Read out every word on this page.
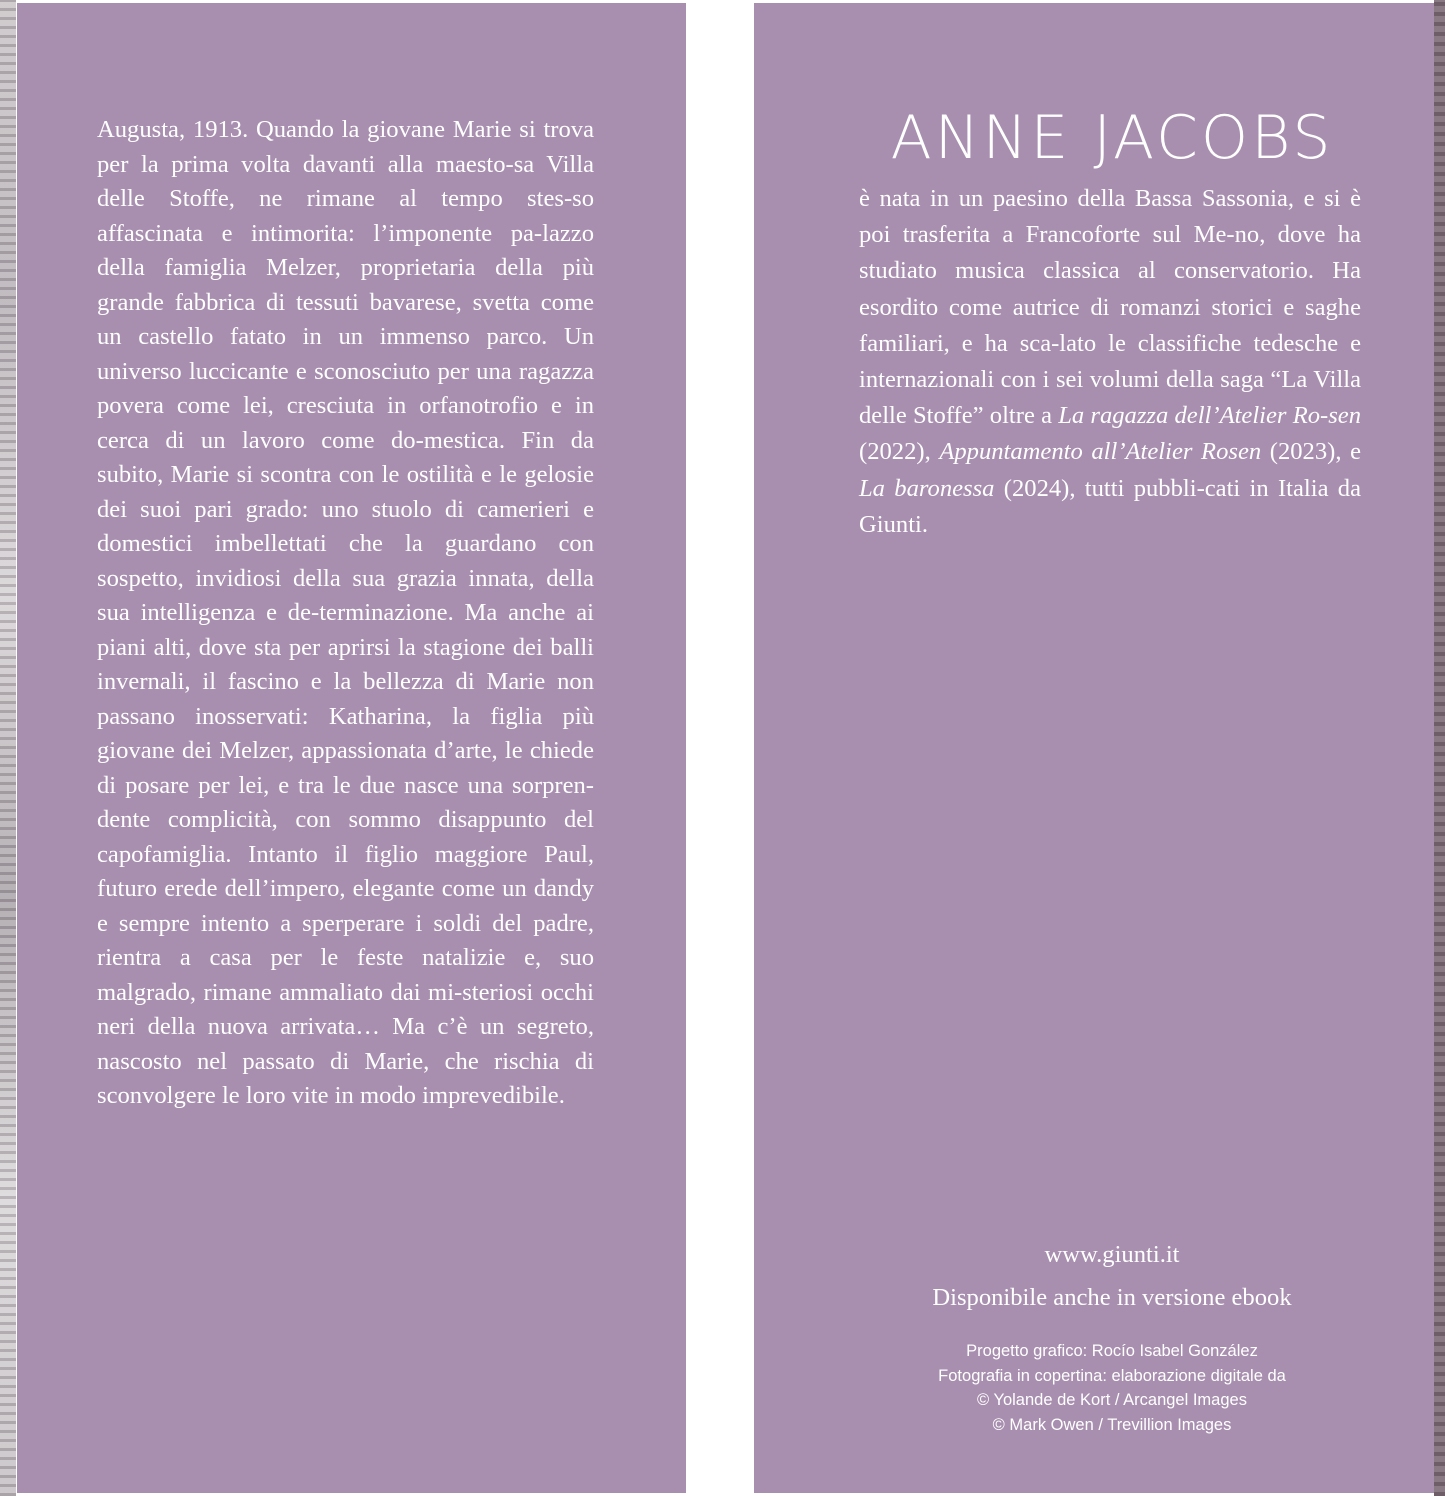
Augusta, 1913. Quando la giovane Marie si trova per la prima volta davanti alla maesto-sa Villa delle Stoffe, ne rimane al tempo stes-so affascinata e intimorita: l’imponente pa-lazzo della famiglia Melzer, proprietaria della più grande fabbrica di tessuti bavarese, svetta come un castello fatato in un immenso parco. Un universo luccicante e sconosciuto per una ragazza povera come lei, cresciuta in orfanotrofio e in cerca di un lavoro come do-mestica. Fin da subito, Marie si scontra con le ostilità e le gelosie dei suoi pari grado: uno stuolo di camerieri e domestici imbellettati che la guardano con sospetto, invidiosi della sua grazia innata, della sua intelligenza e de-terminazione. Ma anche ai piani alti, dove sta per aprirsi la stagione dei balli invernali, il fascino e la bellezza di Marie non passano inosservati: Katharina, la figlia più giovane dei Melzer, appassionata d’arte, le chiede di posare per lei, e tra le due nasce una sorpren-dente complicità, con sommo disappunto del capofamiglia. Intanto il figlio maggiore Paul, futuro erede dell’impero, elegante come un dandy e sempre intento a sperperare i soldi del padre, rientra a casa per le feste natalizie e, suo malgrado, rimane ammaliato dai mi-steriosi occhi neri della nuova arrivata… Ma c’è un segreto, nascosto nel passato di Marie, che rischia di sconvolgere le loro vite in modo imprevedibile.

ANNE JACOBS

è nata in un paesino della Bassa Sassonia, e si è poi trasferita a Francoforte sul Me-no, dove ha studiato musica classica al conservatorio. Ha esordito come autrice di romanzi storici e saghe familiari, e ha sca-lato le classifiche tedesche e internazionali con i sei volumi della saga “La Villa delle Stoffe” oltre a La ragazza dell’Atelier Ro-sen (2022), Appuntamento all’Atelier Rosen (2023), e La baronessa (2024), tutti pubbli-cati in Italia da Giunti.

www.giunti.it
Disponibile anche in versione ebook
Progetto grafico: Rocío Isabel González
Fotografia in copertina: elaborazione digitale da
© Yolande de Kort / Arcangel Images
© Mark Owen / Trevillion Images
